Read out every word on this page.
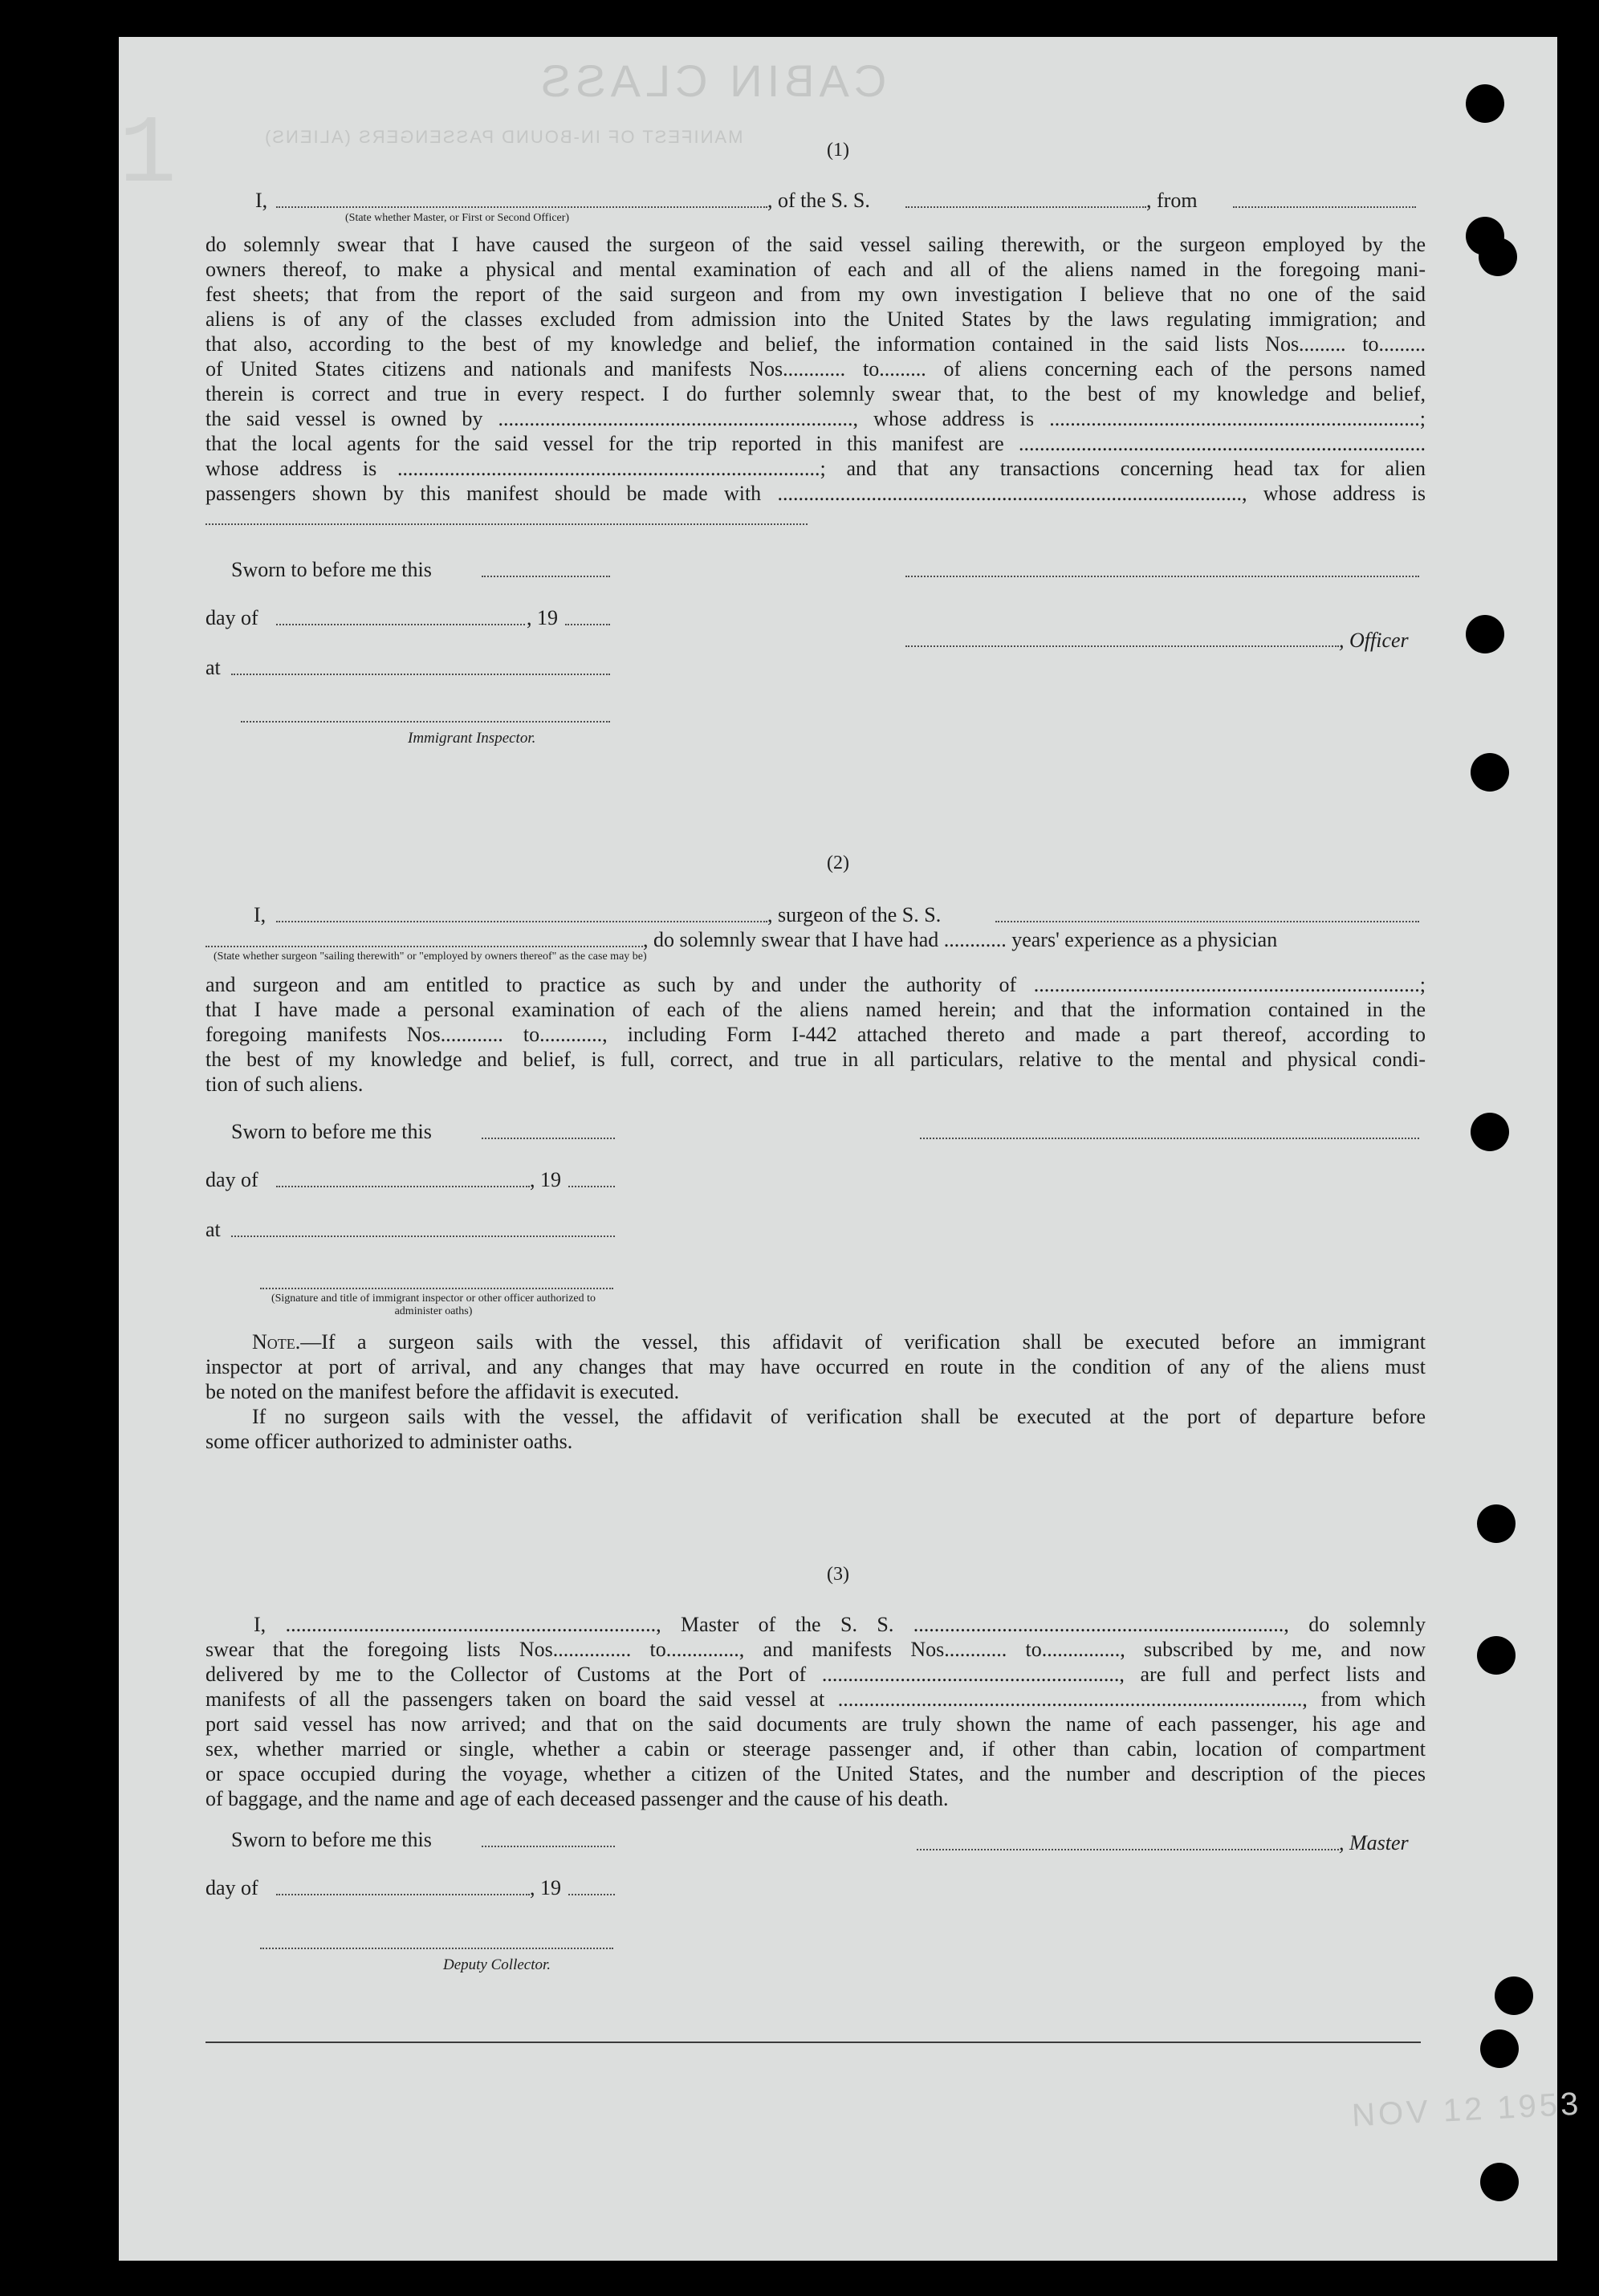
CABIN CLASS
MANIFEST OF IN-BOUND PASSENGERS (ALIENS)
NOV 12 1953
1	(1)
I,	, of the S. S.	, from
(State whether Master, or First or Second Officer)
do solemnly swear that I have caused the surgeon of the said vessel sailing therewith, or the surgeon employed by the
owners thereof, to make a physical and mental examination of each and all of the aliens named in the foregoing mani-
fest sheets; that from the report of the said surgeon and from my own investigation I believe that no one of the said
aliens is of any of the classes excluded from admission into the United States by the laws regulating immigration; and
that also, according to the best of my knowledge and belief, the information contained in the said lists Nos......... to.........
of United States citizens and nationals and manifests Nos............ to......... of aliens concerning each of the persons named
therein is correct and true in every respect. I do further solemnly swear that, to the best of my knowledge and belief,
the said vessel is owned by ...................................................................., whose address is .......................................................................;
that the local agents for the said vessel for the trip reported in this manifest are ..............................................................................
whose address is .................................................................................; and that any transactions concerning head tax for alien
passengers shown by this manifest should be made with ........................................................................................., whose address is
Sworn to before me this
day of	, 19
, Officer
at
Immigrant Inspector.
(2)
I,	, surgeon of the S. S.
, do solemnly swear that I have had ............ years' experience as a physician
(State whether surgeon "sailing therewith" or "employed by owners thereof" as the case may be)
and surgeon and am entitled to practice as such by and under the authority of ..........................................................................;
that I have made a personal examination of each of the aliens named herein; and that the information contained in the
foregoing manifests Nos............ to............, including Form I-442 attached thereto and made a part thereof, according to
the best of my knowledge and belief, is full, correct, and true in all particulars, relative to the mental and physical condi-
tion of such aliens.
Sworn to before me this
day of	, 19
at
(Signature and title of immigrant inspector or other officer authorized to administer oaths)
Note.—If a surgeon sails with the vessel, this affidavit of verification shall be executed before an immigrant
inspector at port of arrival, and any changes that may have occurred en route in the condition of any of the aliens must
be noted on the manifest before the affidavit is executed.
If no surgeon sails with the vessel, the affidavit of verification shall be executed at the port of departure before
some officer authorized to administer oaths.
(3)
I, ......................................................................., Master of the S. S. ......................................................................., do solemnly
swear that the foregoing lists Nos............... to.............., and manifests Nos............ to..............., subscribed by me, and now
delivered by me to the Collector of Customs at the Port of ........................................................., are full and perfect lists and
manifests of all the passengers taken on board the said vessel at ........................................................................................., from which
port said vessel has now arrived; and that on the said documents are truly shown the name of each passenger, his age and
sex, whether married or single, whether a cabin or steerage passenger and, if other than cabin, location of compartment
or space occupied during the voyage, whether a citizen of the United States, and the number and description of the pieces
of baggage, and the name and age of each deceased passenger and the cause of his death.
Sworn to before me this	, Master
day of	, 19
Deputy Collector.
